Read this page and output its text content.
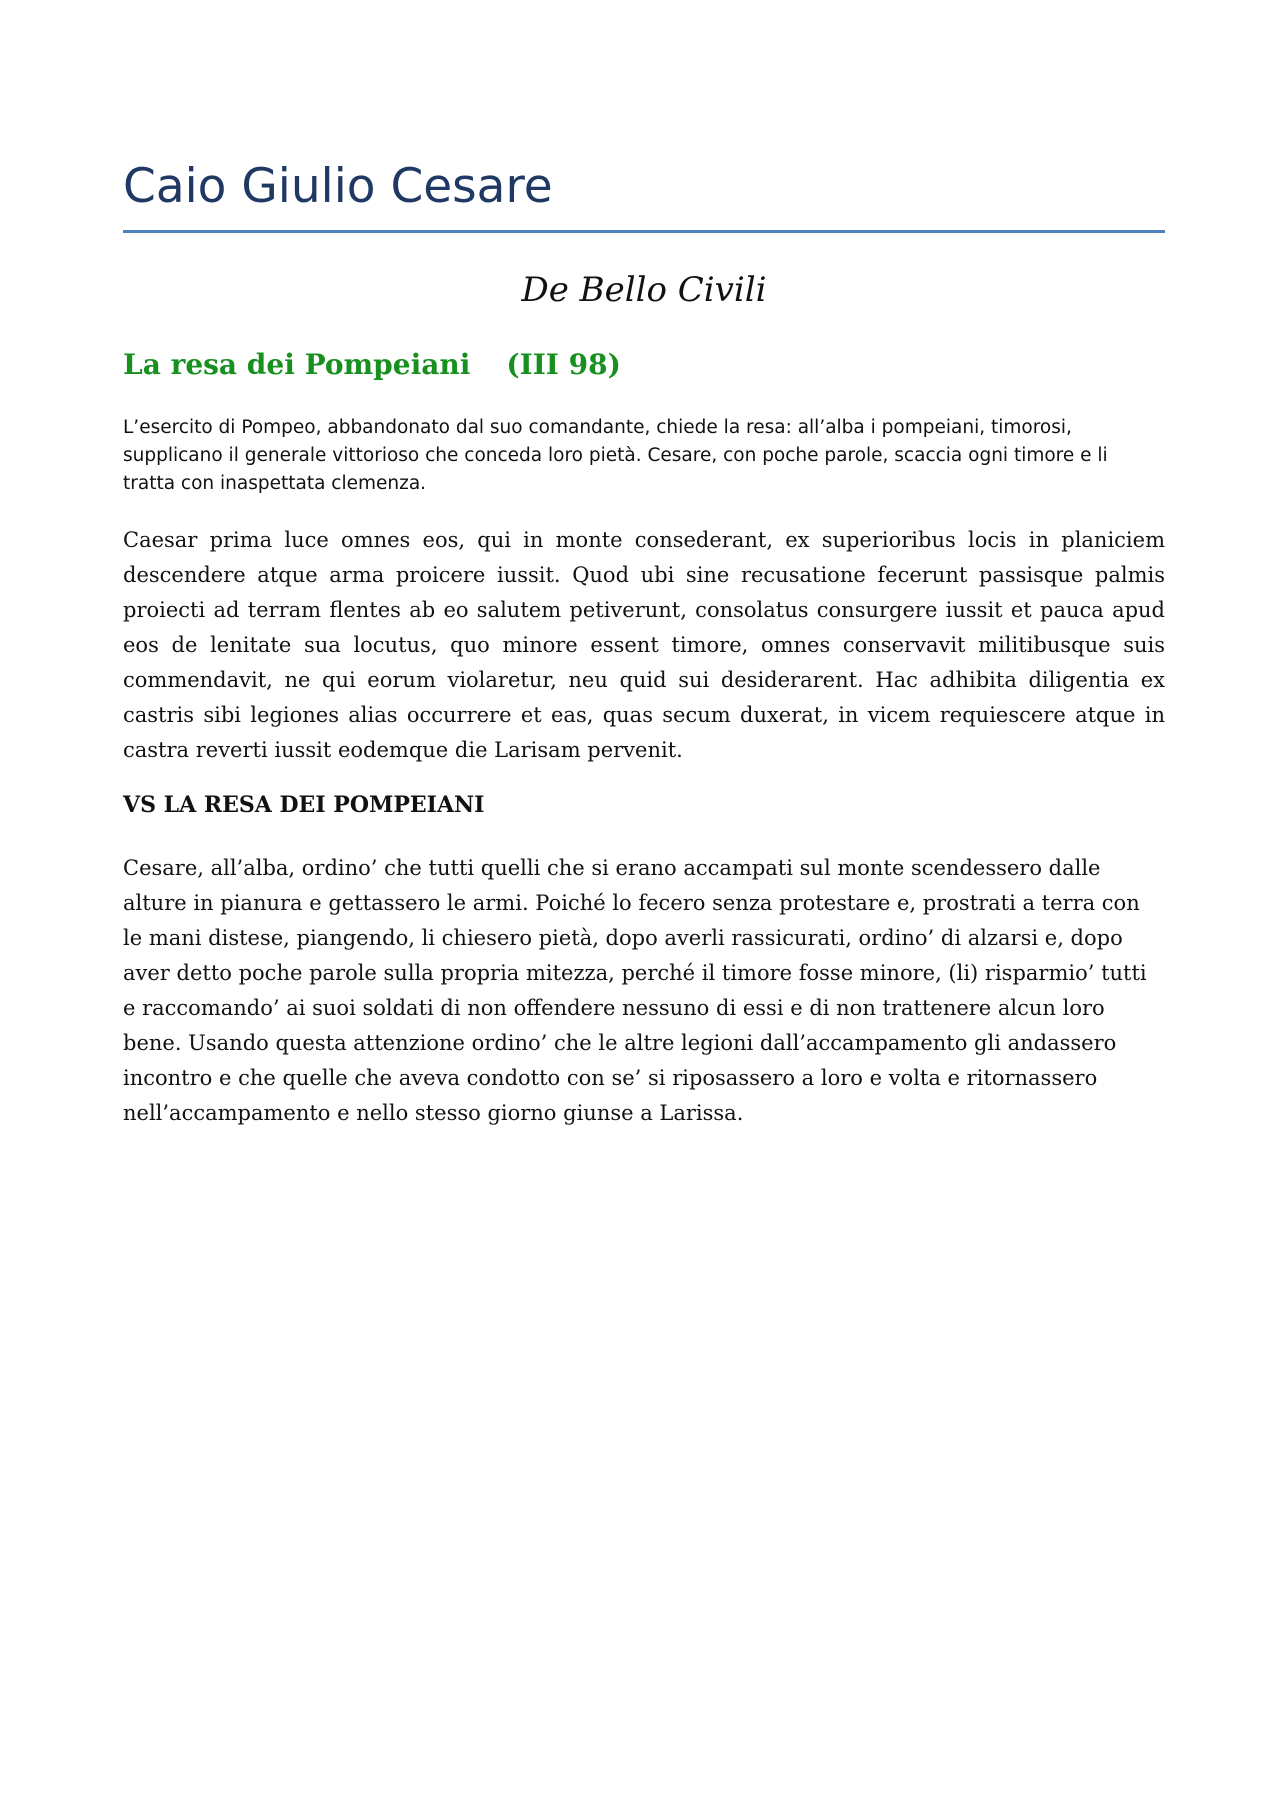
Caio Giulio Cesare
De Bello Civili
La resa dei Pompeiani (III 98)
L’esercito di Pompeo, abbandonato dal suo comandante, chiede la resa: all’alba i pompeiani, timorosi, supplicano il generale vittorioso che conceda loro pietà. Cesare, con poche parole, scaccia ogni timore e li tratta con inaspettata clemenza.
Caesar prima luce omnes eos, qui in monte consederant, ex superioribus locis in planiciem descendere atque arma proicere iussit. Quod ubi sine recusatione fecerunt passisque palmis proiecti ad terram flentes ab eo salutem petiverunt, consolatus consurgere iussit et pauca apud eos de lenitate sua locutus, quo minore essent timore, omnes conservavit militibusque suis commendavit, ne qui eorum violaretur, neu quid sui desiderarent. Hac adhibita diligentia ex castris sibi legiones alias occurrere et eas, quas secum duxerat, in vicem requiescere atque in castra reverti iussit eodemque die Larisam pervenit.
VS LA RESA DEI POMPEIANI
Cesare, all’alba, ordino’ che tutti quelli che si erano accampati sul monte scendessero dalle alture in pianura e gettassero le armi. Poiché lo fecero senza protestare e, prostrati a terra con le mani distese, piangendo, li chiesero pietà, dopo averli rassicurati, ordino’ di alzarsi e, dopo aver detto poche parole sulla propria mitezza, perché il timore fosse minore, (li) risparmio’ tutti e raccomando’ ai suoi soldati di non offendere nessuno di essi e di non trattenere alcun loro bene. Usando questa attenzione ordino’ che le altre legioni dall’accampamento gli andassero incontro e che quelle che aveva condotto con se’ si riposassero a loro e volta e ritornassero nell’accampamento e nello stesso giorno giunse a Larissa.
